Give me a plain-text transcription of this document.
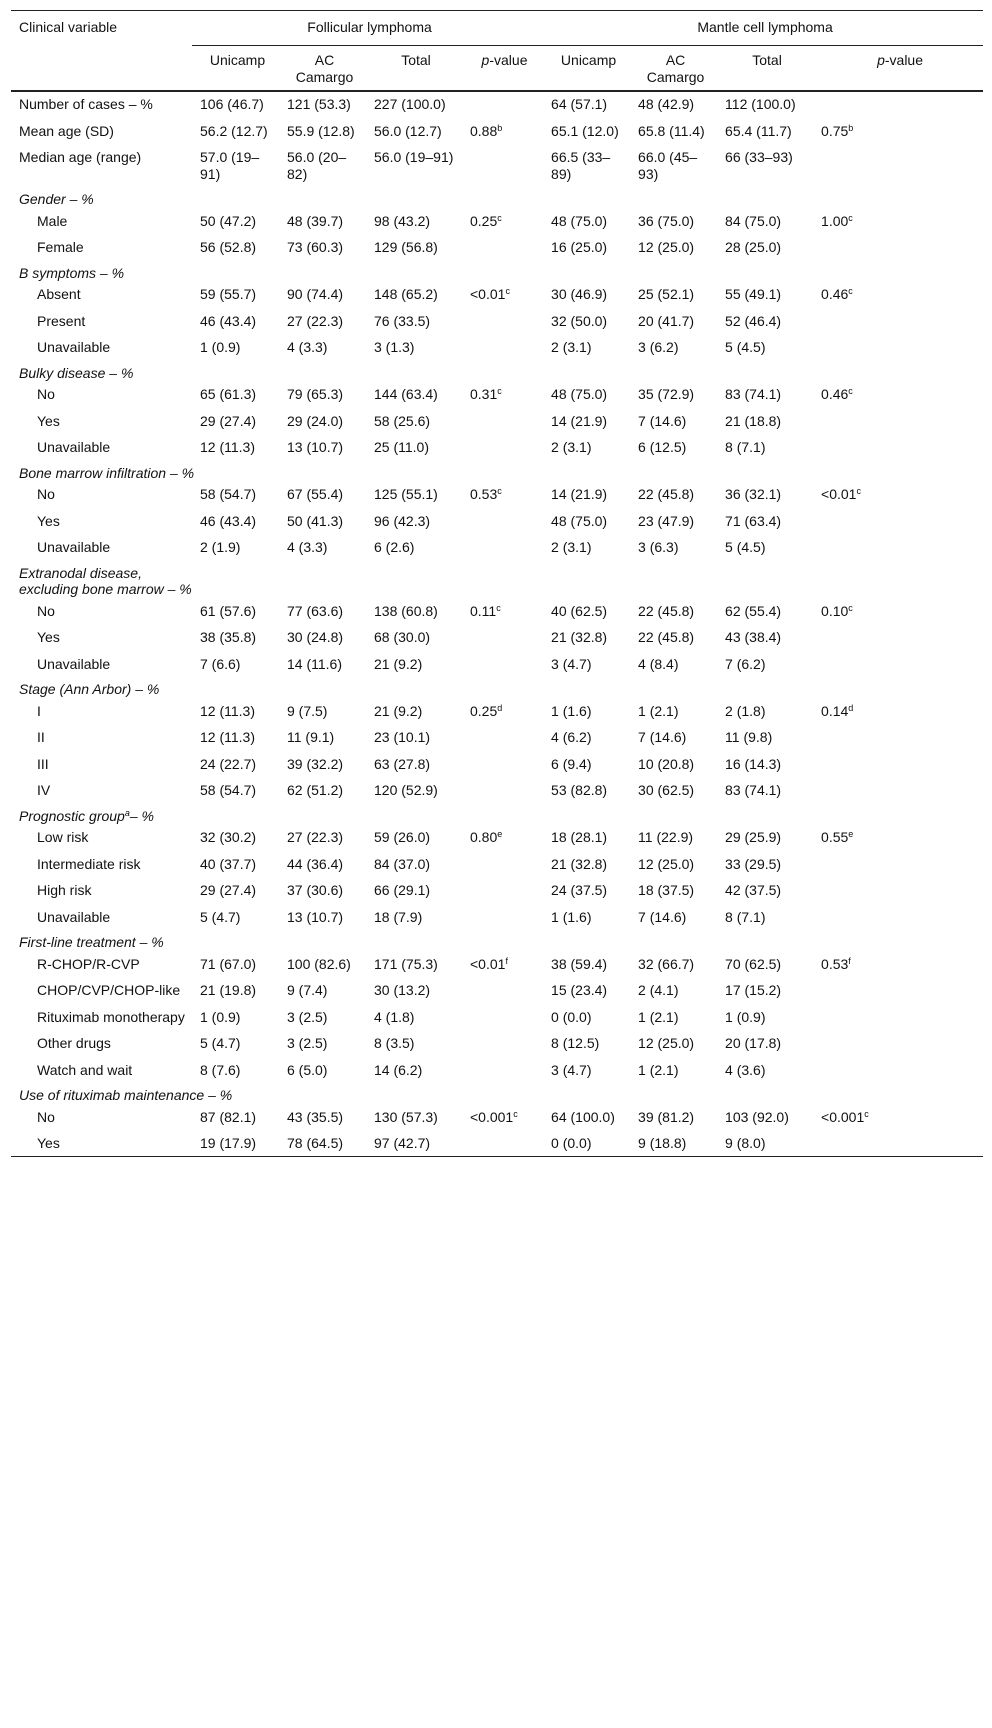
Clinical variable	Follicular lymphoma				Mantle cell lymphoma			
	Unicamp	AC Camargo	Total	p-value	Unicamp	AC Camargo	Total	p-value
Number of cases – %	106 (46.7)	121 (53.3)	227 (100.0)		64 (57.1)	48 (42.9)	112 (100.0)	
Mean age (SD)	56.2 (12.7)	55.9 (12.8)	56.0 (12.7)	0.88$^b$	65.1 (12.0)	65.8 (11.4)	65.4 (11.7)	0.75$^b$
Median age (range)	57.0 (19–91)	56.0 (20–82)	56.0 (19–91)		66.5 (33–89)	66.0 (45–93)	66 (33–93)	
Gender – %								
Male	50 (47.2)	48 (39.7)	98 (43.2)	0.25$^c$	48 (75.0)	36 (75.0)	84 (75.0)	1.00$^c$
Female	56 (52.8)	73 (60.3)	129 (56.8)		16 (25.0)	12 (25.0)	28 (25.0)	
B symptoms – %								
Absent	59 (55.7)	90 (74.4)	148 (65.2)	<0.01$^c$	30 (46.9)	25 (52.1)	55 (49.1)	0.46$^c$
Present	46 (43.4)	27 (22.3)	76 (33.5)		32 (50.0)	20 (41.7)	52 (46.4)	
Unavailable	1 (0.9)	4 (3.3)	3 (1.3)		2 (3.1)	3 (6.2)	5 (4.5)	
Bulky disease – %								
No	65 (61.3)	79 (65.3)	144 (63.4)	0.31$^c$	48 (75.0)	35 (72.9)	83 (74.1)	0.46$^c$
Yes	29 (27.4)	29 (24.0)	58 (25.6)		14 (21.9)	7 (14.6)	21 (18.8)	
Unavailable	12 (11.3)	13 (10.7)	25 (11.0)		2 (3.1)	6 (12.5)	8 (7.1)	
Bone marrow infiltration – %								
No	58 (54.7)	67 (55.4)	125 (55.1)	0.53$^c$	14 (21.9)	22 (45.8)	36 (32.1)	<0.01$^c$
Yes	46 (43.4)	50 (41.3)	96 (42.3)		48 (75.0)	23 (47.9)	71 (63.4)	
Unavailable	2 (1.9)	4 (3.3)	6 (2.6)		2 (3.1)	3 (6.3)	5 (4.5)	
Extranodal disease,
excluding bone marrow – %								
No	61 (57.6)	77 (63.6)	138 (60.8)	0.11$^c$	40 (62.5)	22 (45.8)	62 (55.4)	0.10$^c$
Yes	38 (35.8)	30 (24.8)	68 (30.0)		21 (32.8)	22 (45.8)	43 (38.4)	
Unavailable	7 (6.6)	14 (11.6)	21 (9.2)		3 (4.7)	4 (8.4)	7 (6.2)	
Stage (Ann Arbor) – %								
I	12 (11.3)	9 (7.5)	21 (9.2)	0.25$^d$	1 (1.6)	1 (2.1)	2 (1.8)	0.14$^d$
II	12 (11.3)	11 (9.1)	23 (10.1)		4 (6.2)	7 (14.6)	11 (9.8)	
III	24 (22.7)	39 (32.2)	63 (27.8)		6 (9.4)	10 (20.8)	16 (14.3)	
IV	58 (54.7)	62 (51.2)	120 (52.9)		53 (82.8)	30 (62.5)	83 (74.1)	
Prognostic group$^a$– %								
Low risk	32 (30.2)	27 (22.3)	59 (26.0)	0.80e	18 (28.1)	11 (22.9)	29 (25.9)	0.55e
Intermediate risk	40 (37.7)	44 (36.4)	84 (37.0)		21 (32.8)	12 (25.0)	33 (29.5)	
High risk	29 (27.4)	37 (30.6)	66 (29.1)		24 (37.5)	18 (37.5)	42 (37.5)	
Unavailable	5 (4.7)	13 (10.7)	18 (7.9)		1 (1.6)	7 (14.6)	8 (7.1)	
First-line treatment – %								
R-CHOP/R-CVP	71 (67.0)	100 (82.6)	171 (75.3)	<0.01$^f$	38 (59.4)	32 (66.7)	70 (62.5)	0.53$^f$
CHOP/CVP/CHOP-like	21 (19.8)	9 (7.4)	30 (13.2)		15 (23.4)	2 (4.1)	17 (15.2)	
Rituximab monotherapy	1 (0.9)	3 (2.5)	4 (1.8)		0 (0.0)	1 (2.1)	1 (0.9)	
Other drugs	5 (4.7)	3 (2.5)	8 (3.5)		8 (12.5)	12 (25.0)	20 (17.8)	
Watch and wait	8 (7.6)	6 (5.0)	14 (6.2)		3 (4.7)	1 (2.1)	4 (3.6)	
Use of rituximab maintenance – %								
No	87 (82.1)	43 (35.5)	130 (57.3)	<0.001$^c$	64 (100.0)	39 (81.2)	103 (92.0)	<0.001$^c$
Yes	19 (17.9)	78 (64.5)	97 (42.7)		0 (0.0)	9 (18.8)	9 (8.0)	
